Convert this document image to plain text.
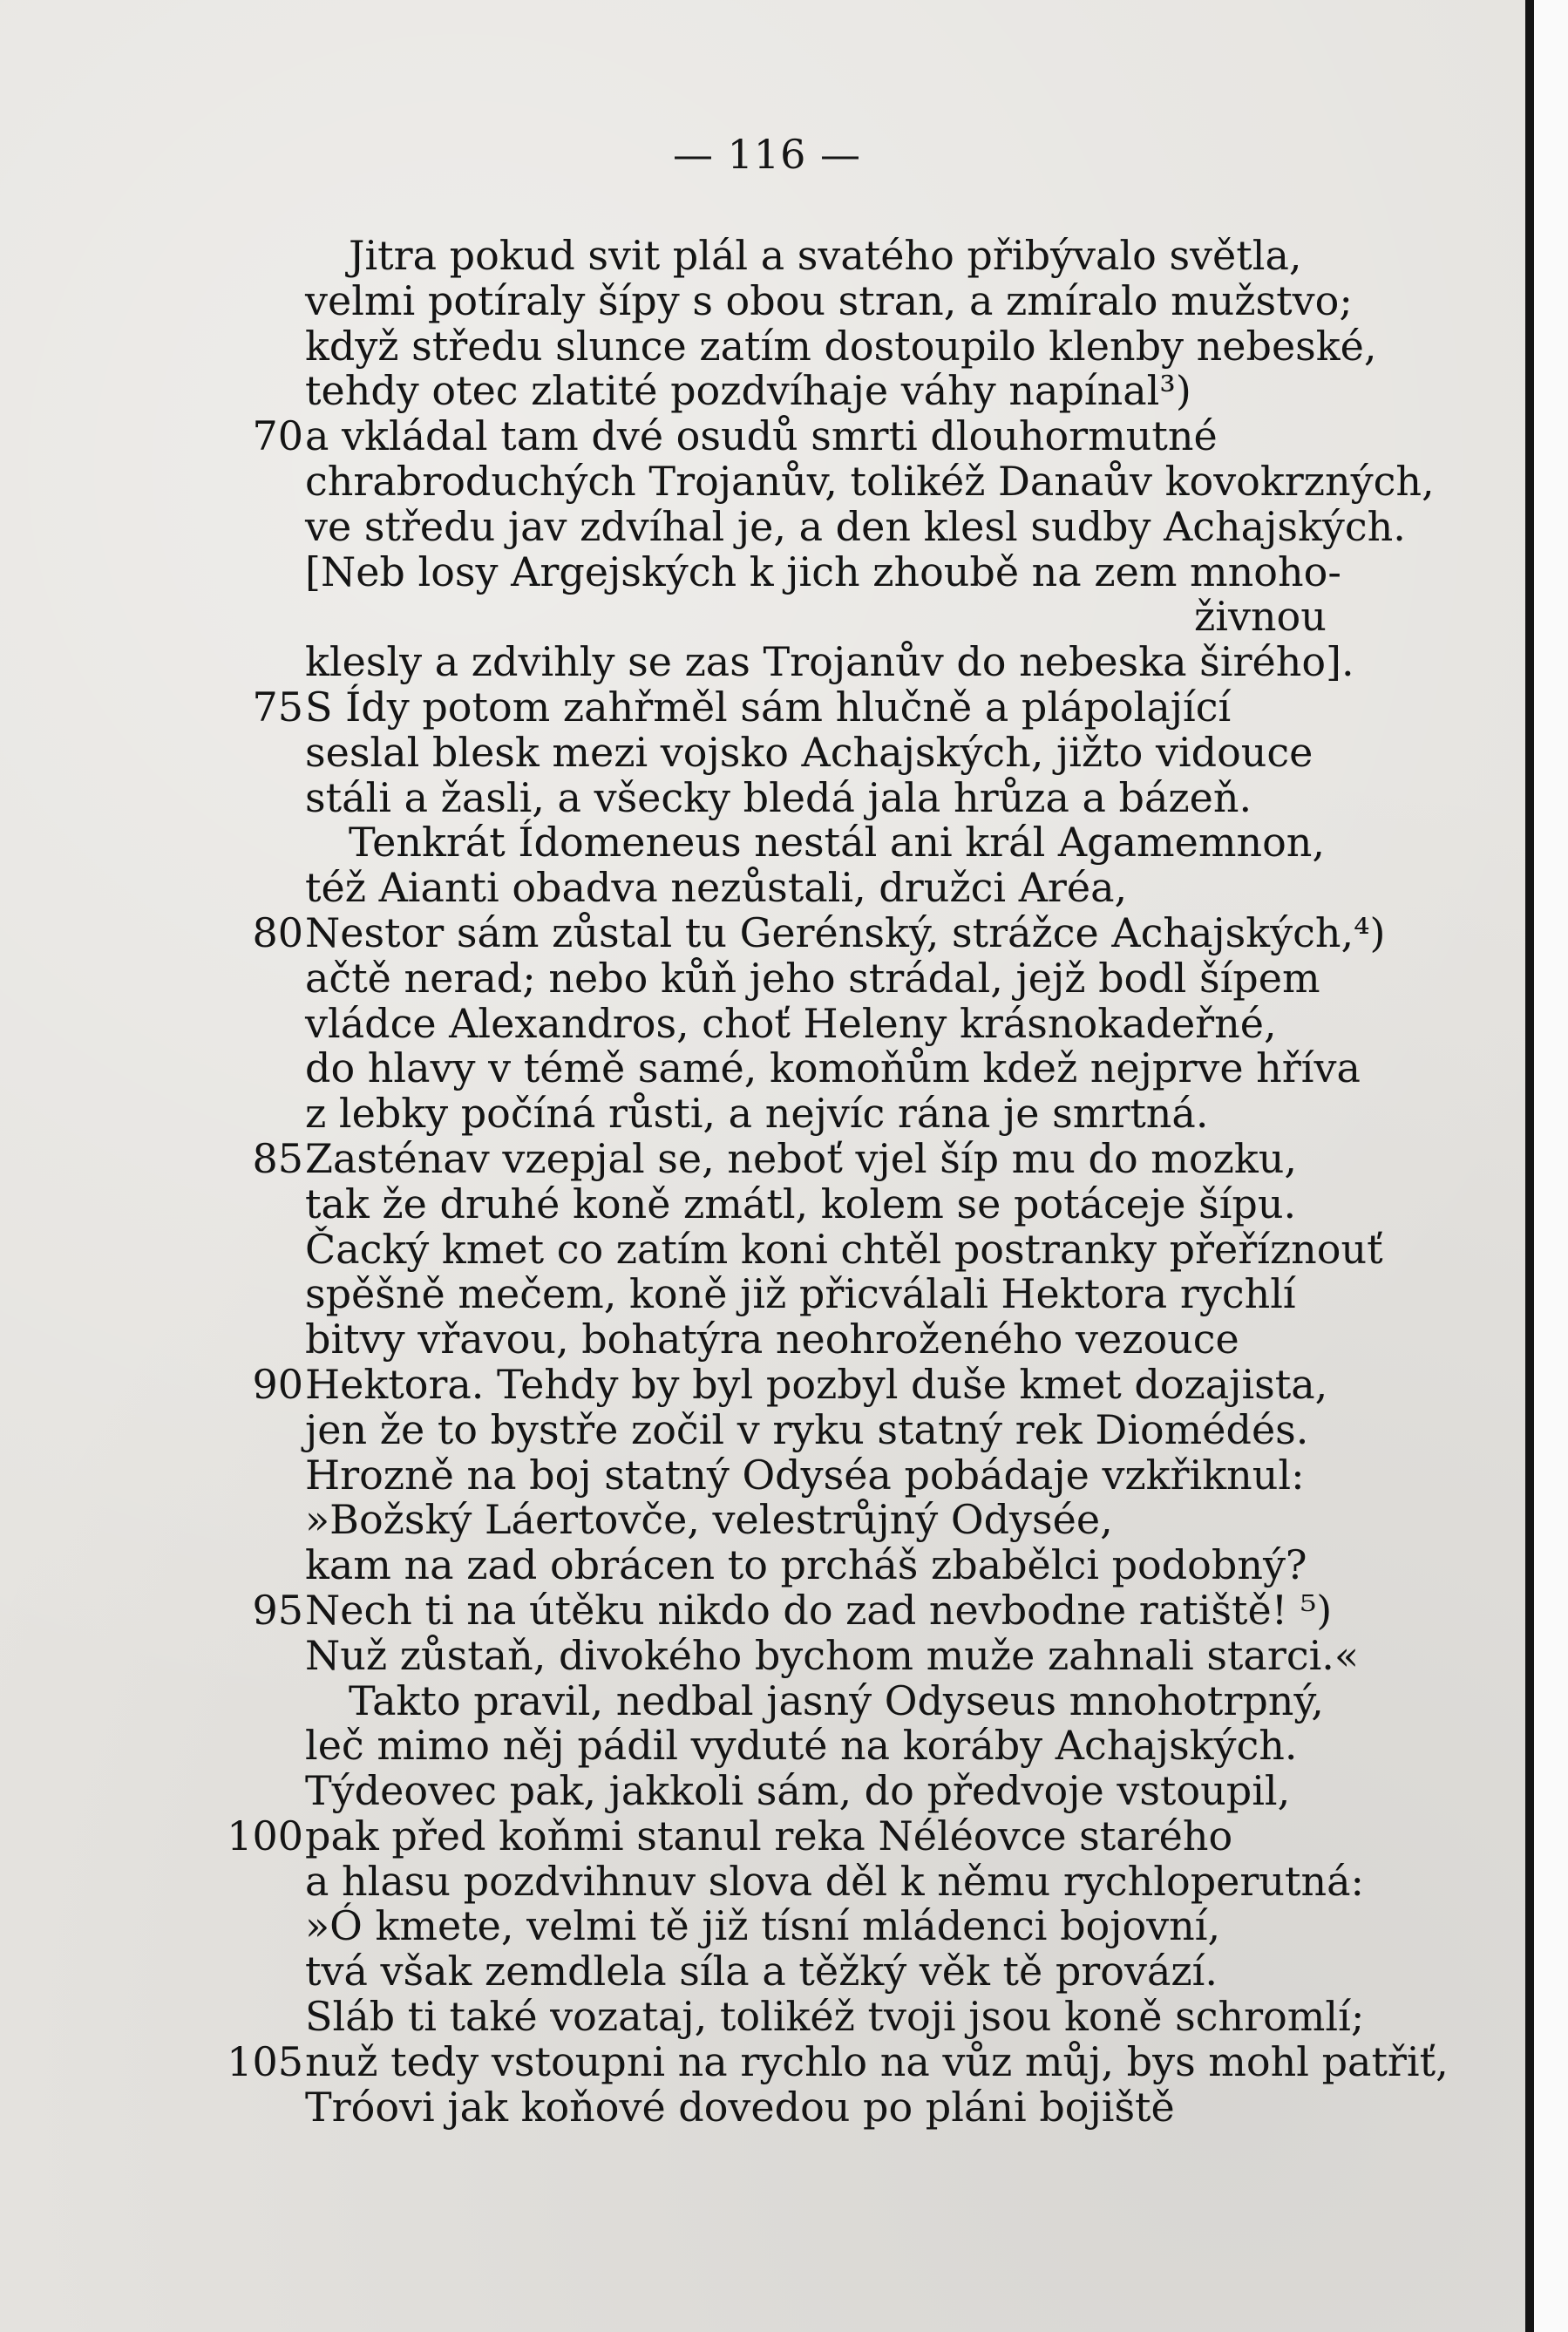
— 116 —
Jitra pokud svit plál a svatého přibývalo světla,
velmi potíraly šípy s obou stran, a zmíralo mužstvo;
když středu slunce zatím dostoupilo klenby nebeské,
tehdy otec zlatité pozdvíhaje váhy napínal³)
70 a vkládal tam dvé osudů smrti dlouhormutné
chrabroduchých Trojanův, tolikéž Danaův kovokrzných,
ve středu jav zdvíhal je, a den klesl sudby Achajských.
[Neb losy Argejských k jich zhoubě na zem mnoho-
živnou
klesly a zdvihly se zas Trojanův do nebeska širého].
75 S Ídy potom zahřměl sám hlučně a plápolající
seslal blesk mezi vojsko Achajských, jižto vidouce
stáli a žasli, a všecky bledá jala hrůza a bázeň.
Tenkrát Ídomeneus nestál ani král Agamemnon,
též Aianti obadva nezůstali, družci Aréa,
80 Nestor sám zůstal tu Gerénský, strážce Achajských,⁴)
ačtě nerad; nebo kůň jeho strádal, jejž bodl šípem
vládce Alexandros, choť Heleny krásnokadeřné,
do hlavy v témě samé, komoňům kdež nejprve hříva
z lebky počíná růsti, a nejvíc rána je smrtná.
85 Zasténav vzepjal se, neboť vjel šíp mu do mozku,
tak že druhé koně zmátl, kolem se potáceje šípu.
Čacký kmet co zatím koni chtěl postranky přeříznouť
spěšně mečem, koně již přicválali Hektora rychlí
bitvy vřavou, bohatýra neohroženého vezouce
90 Hektora. Tehdy by byl pozbyl duše kmet dozajista,
jen že to bystře zočil v ryku statný rek Diomédés.
Hrozně na boj statný Odyséa pobádaje vzkřiknul:
»Božský Láertovče, velestrůjný Odysée,
kam na zad obrácen to prcháš zbabělci podobný?
95 Nech ti na útěku nikdo do zad nevbodne ratiště! ⁵)
Nuž zůstaň, divokého bychom muže zahnali starci.«
Takto pravil, nedbal jasný Odyseus mnohotrpný,
leč mimo něj pádil vyduté na koráby Achajských.
Týdeovec pak, jakkoli sám, do předvoje vstoupil,
100 pak před koňmi stanul reka Néléovce starého
a hlasu pozdvihnuv slova děl k němu rychloperutná:
»Ó kmete, velmi tě již tísní mládenci bojovní,
tvá však zemdlela síla a těžký věk tě provází.
Sláb ti také vozataj, tolikéž tvoji jsou koně schromlí;
105 nuž tedy vstoupni na rychlo na vůz můj, bys mohl patřiť,
Tróovi jak koňové dovedou po pláni bojiště
